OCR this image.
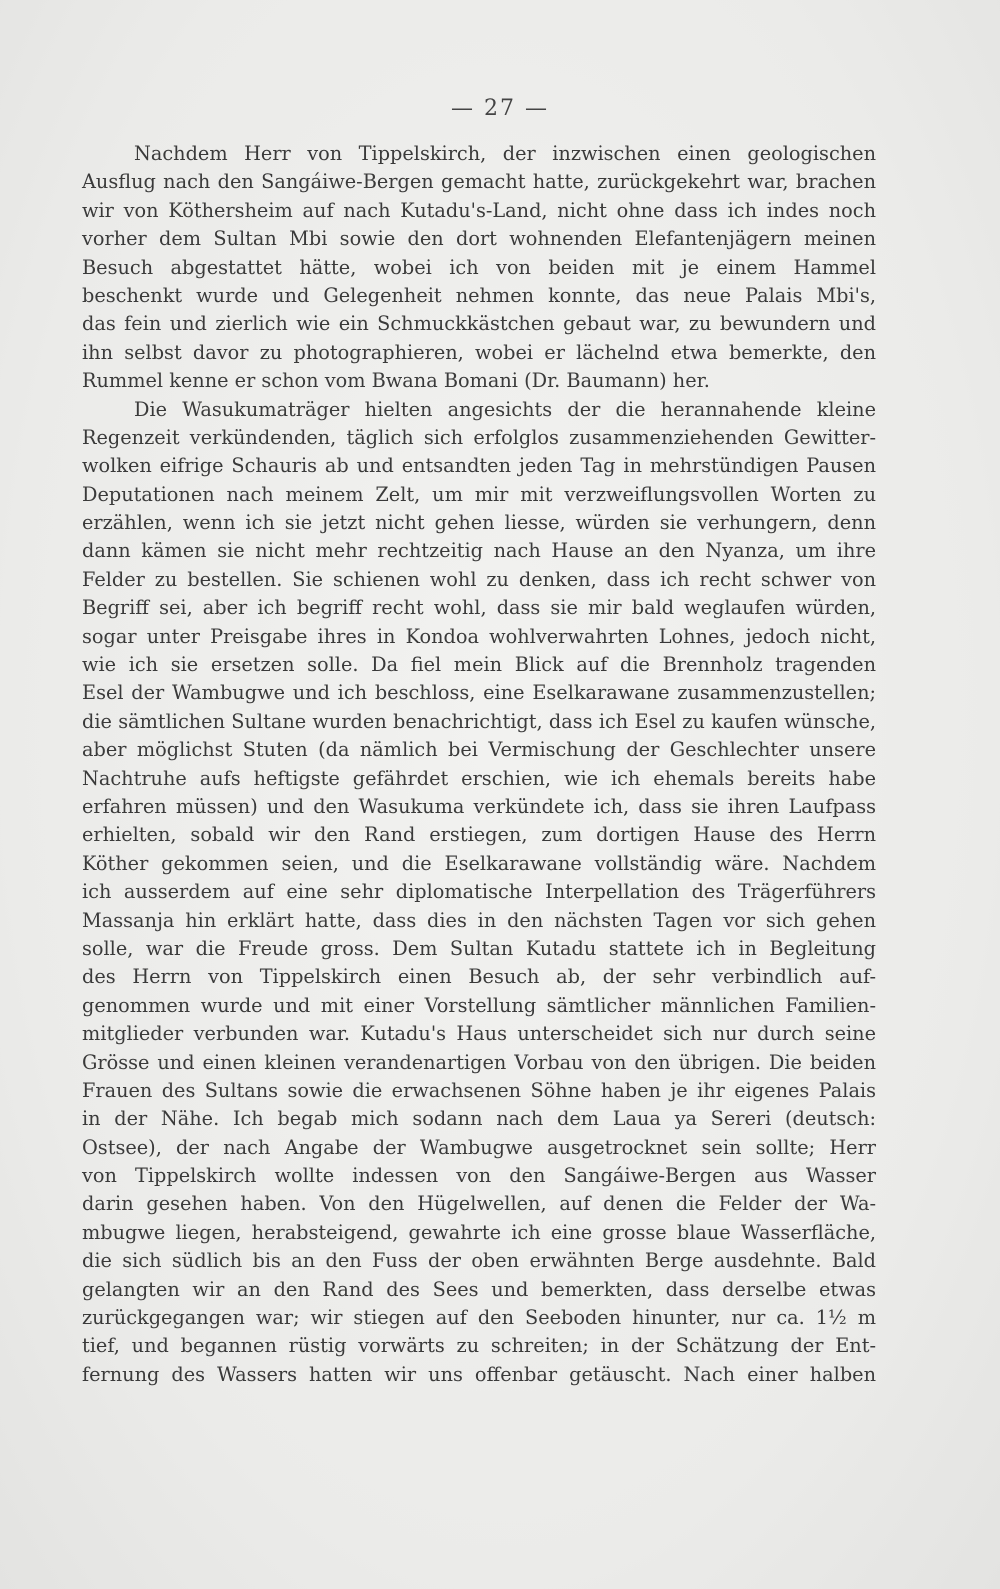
— 27 —
Nachdem Herr von Tippelskirch, der inzwischen einen geologischen
Ausflug nach den Sangáiwe-Bergen gemacht hatte, zurückgekehrt war, brachen
wir von Köthersheim auf nach Kutadu's-Land, nicht ohne dass ich indes noch
vorher dem Sultan Mbi sowie den dort wohnenden Elefantenjägern meinen
Besuch abgestattet hätte, wobei ich von beiden mit je einem Hammel
beschenkt wurde und Gelegenheit nehmen konnte, das neue Palais Mbi's,
das fein und zierlich wie ein Schmuckkästchen gebaut war, zu bewundern und
ihn selbst davor zu photographieren, wobei er lächelnd etwa bemerkte, den
Rummel kenne er schon vom Bwana Bomani (Dr. Baumann) her.
Die Wasukumaträger hielten angesichts der die herannahende kleine
Regenzeit verkündenden, täglich sich erfolglos zusammenziehenden Gewitter-
wolken eifrige Schauris ab und entsandten jeden Tag in mehrstündigen Pausen
Deputationen nach meinem Zelt, um mir mit verzweiflungsvollen Worten zu
erzählen, wenn ich sie jetzt nicht gehen liesse, würden sie verhungern, denn
dann kämen sie nicht mehr rechtzeitig nach Hause an den Nyanza, um ihre
Felder zu bestellen. Sie schienen wohl zu denken, dass ich recht schwer von
Begriff sei, aber ich begriff recht wohl, dass sie mir bald weglaufen würden,
sogar unter Preisgabe ihres in Kondoa wohlverwahrten Lohnes, jedoch nicht,
wie ich sie ersetzen solle. Da fiel mein Blick auf die Brennholz tragenden
Esel der Wambugwe und ich beschloss, eine Eselkarawane zusammenzustellen;
die sämtlichen Sultane wurden benachrichtigt, dass ich Esel zu kaufen wünsche,
aber möglichst Stuten (da nämlich bei Vermischung der Geschlechter unsere
Nachtruhe aufs heftigste gefährdet erschien, wie ich ehemals bereits habe
erfahren müssen) und den Wasukuma verkündete ich, dass sie ihren Laufpass
erhielten, sobald wir den Rand erstiegen, zum dortigen Hause des Herrn
Köther gekommen seien, und die Eselkarawane vollständig wäre. Nachdem
ich ausserdem auf eine sehr diplomatische Interpellation des Trägerführers
Massanja hin erklärt hatte, dass dies in den nächsten Tagen vor sich gehen
solle, war die Freude gross. Dem Sultan Kutadu stattete ich in Begleitung
des Herrn von Tippelskirch einen Besuch ab, der sehr verbindlich auf-
genommen wurde und mit einer Vorstellung sämtlicher männlichen Familien-
mitglieder verbunden war. Kutadu's Haus unterscheidet sich nur durch seine
Grösse und einen kleinen verandenartigen Vorbau von den übrigen. Die beiden
Frauen des Sultans sowie die erwachsenen Söhne haben je ihr eigenes Palais
in der Nähe. Ich begab mich sodann nach dem Laua ya Sereri (deutsch:
Ostsee), der nach Angabe der Wambugwe ausgetrocknet sein sollte; Herr
von Tippelskirch wollte indessen von den Sangáiwe-Bergen aus Wasser
darin gesehen haben. Von den Hügelwellen, auf denen die Felder der Wa-
mbugwe liegen, herabsteigend, gewahrte ich eine grosse blaue Wasserfläche,
die sich südlich bis an den Fuss der oben erwähnten Berge ausdehnte. Bald
gelangten wir an den Rand des Sees und bemerkten, dass derselbe etwas
zurückgegangen war; wir stiegen auf den Seeboden hinunter, nur ca. 1½ m
tief, und begannen rüstig vorwärts zu schreiten; in der Schätzung der Ent-
fernung des Wassers hatten wir uns offenbar getäuscht. Nach einer halben
